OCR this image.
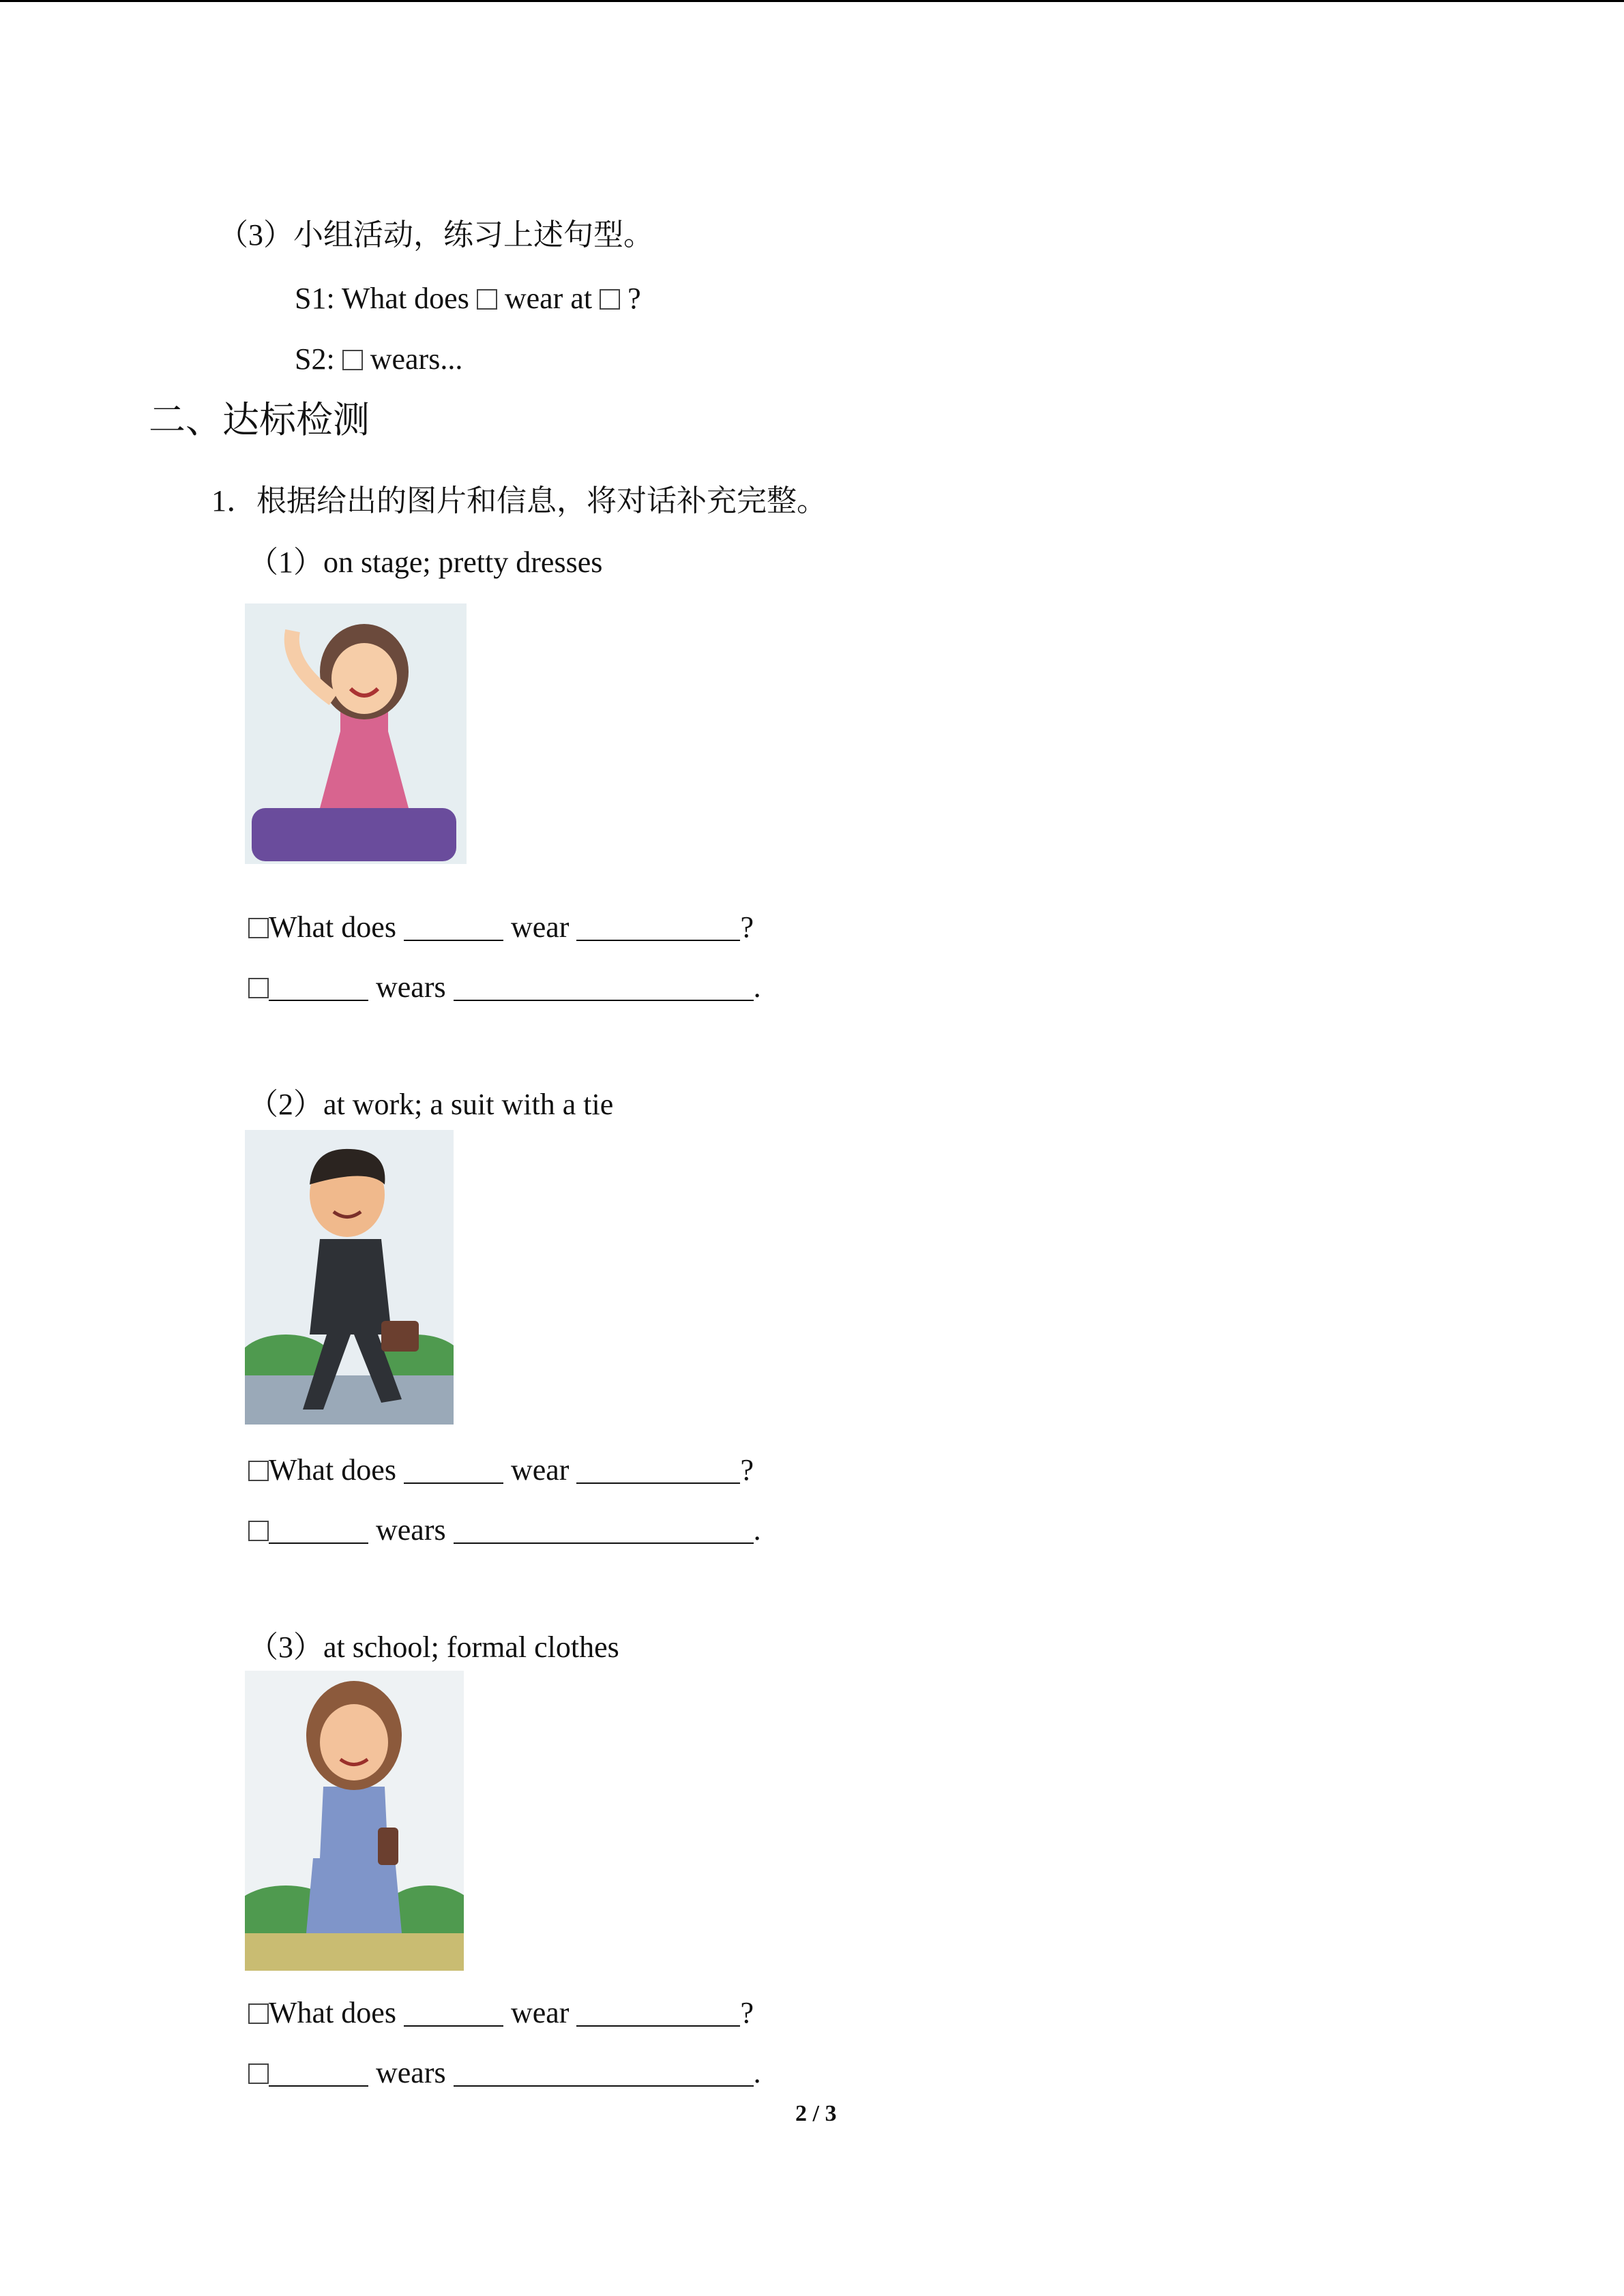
（3）小组活动，练习上述句型。
S1: What does  wear at ?
S2:  wears...
二、达标检测
1．根据给出的图片和信息，将对话补充完整。
（1）on stage; pretty dresses
What does	wear	?
wears	.
（2）at work; a suit with a tie
What does	wear	?
wears	.
（3）at school; formal clothes
What does	wear	?
wears	.
2 / 3
